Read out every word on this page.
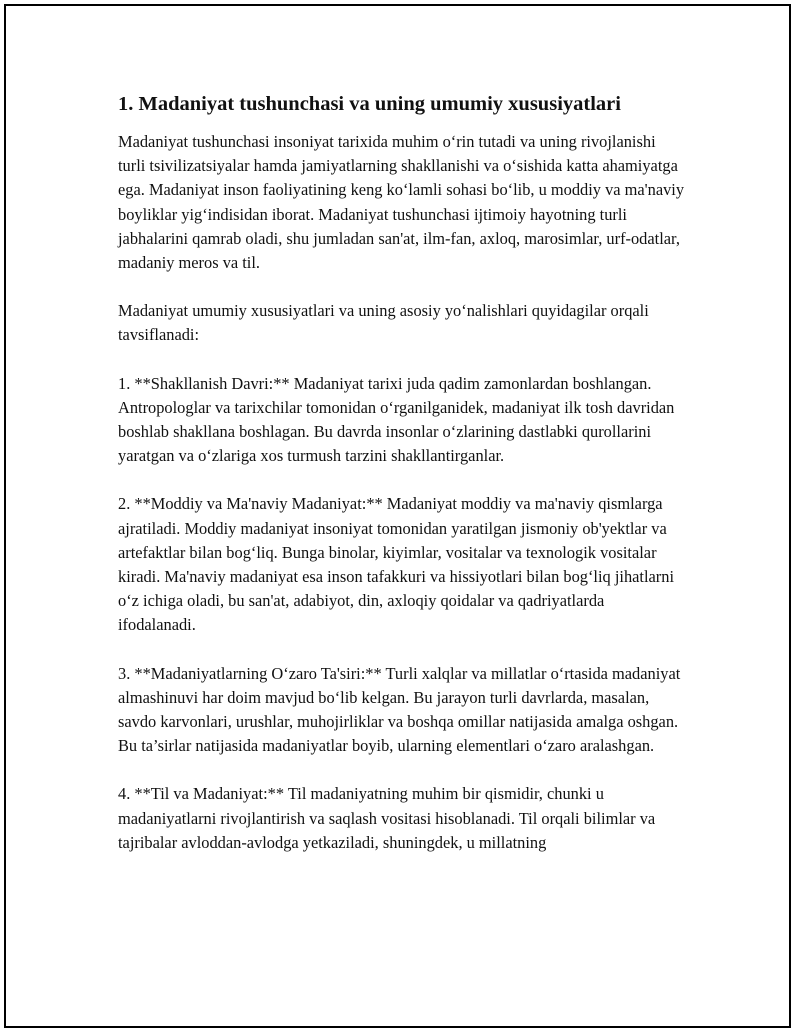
1. Madaniyat tushunchasi va uning umumiy xususiyatlari

Madaniyat tushunchasi insoniyat tarixida muhim oʻrin tutadi va uning rivojlanishi turli tsivilizatsiyalar hamda jamiyatlarning shakllanishi va oʻsishida katta ahamiyatga ega. Madaniyat inson faoliyatining keng koʻlamli sohasi boʻlib, u moddiy va ma'naviy boyliklar yigʻindisidan iborat. Madaniyat tushunchasi ijtimoiy hayotning turli jabhalarini qamrab oladi, shu jumladan san'at, ilm-fan, axloq, marosimlar, urf-odatlar, madaniy meros va til.

Madaniyat umumiy xususiyatlari va uning asosiy yoʻnalishlari quyidagilar orqali tavsiflanadi:

1. **Shakllanish Davri:** Madaniyat tarixi juda qadim zamonlardan boshlangan. Antropologlar va tarixchilar tomonidan oʻrganilganidek, madaniyat ilk tosh davridan boshlab shakllana boshlagan. Bu davrda insonlar oʻzlarining dastlabki qurollarini yaratgan va oʻzlariga xos turmush tarzini shakllantirganlar.

2. **Moddiy va Ma'naviy Madaniyat:** Madaniyat moddiy va ma'naviy qismlarga ajratiladi. Moddiy madaniyat insoniyat tomonidan yaratilgan jismoniy ob'yektlar va artefaktlar bilan bogʻliq. Bunga binolar, kiyimlar, vositalar va texnologik vositalar kiradi. Ma'naviy madaniyat esa inson tafakkuri va hissiyotlari bilan bogʻliq jihatlarni oʻz ichiga oladi, bu san'at, adabiyot, din, axloqiy qoidalar va qadriyatlarda ifodalanadi.

3. **Madaniyatlarning Oʻzaro Ta'siri:** Turli xalqlar va millatlar oʻrtasida madaniyat almashinuvi har doim mavjud boʻlib kelgan. Bu jarayon turli davrlarda, masalan, savdo karvonlari, urushlar, muhojirliklar va boshqa omillar natijasida amalga oshgan. Bu ta’sirlar natijasida madaniyatlar boyib, ularning elementlari oʻzaro aralashgan.

4. **Til va Madaniyat:** Til madaniyatning muhim bir qismidir, chunki u madaniyatlarni rivojlantirish va saqlash vositasi hisoblanadi. Til orqali bilimlar va tajribalar avloddan-avlodga yetkaziladi, shuningdek, u millatning
